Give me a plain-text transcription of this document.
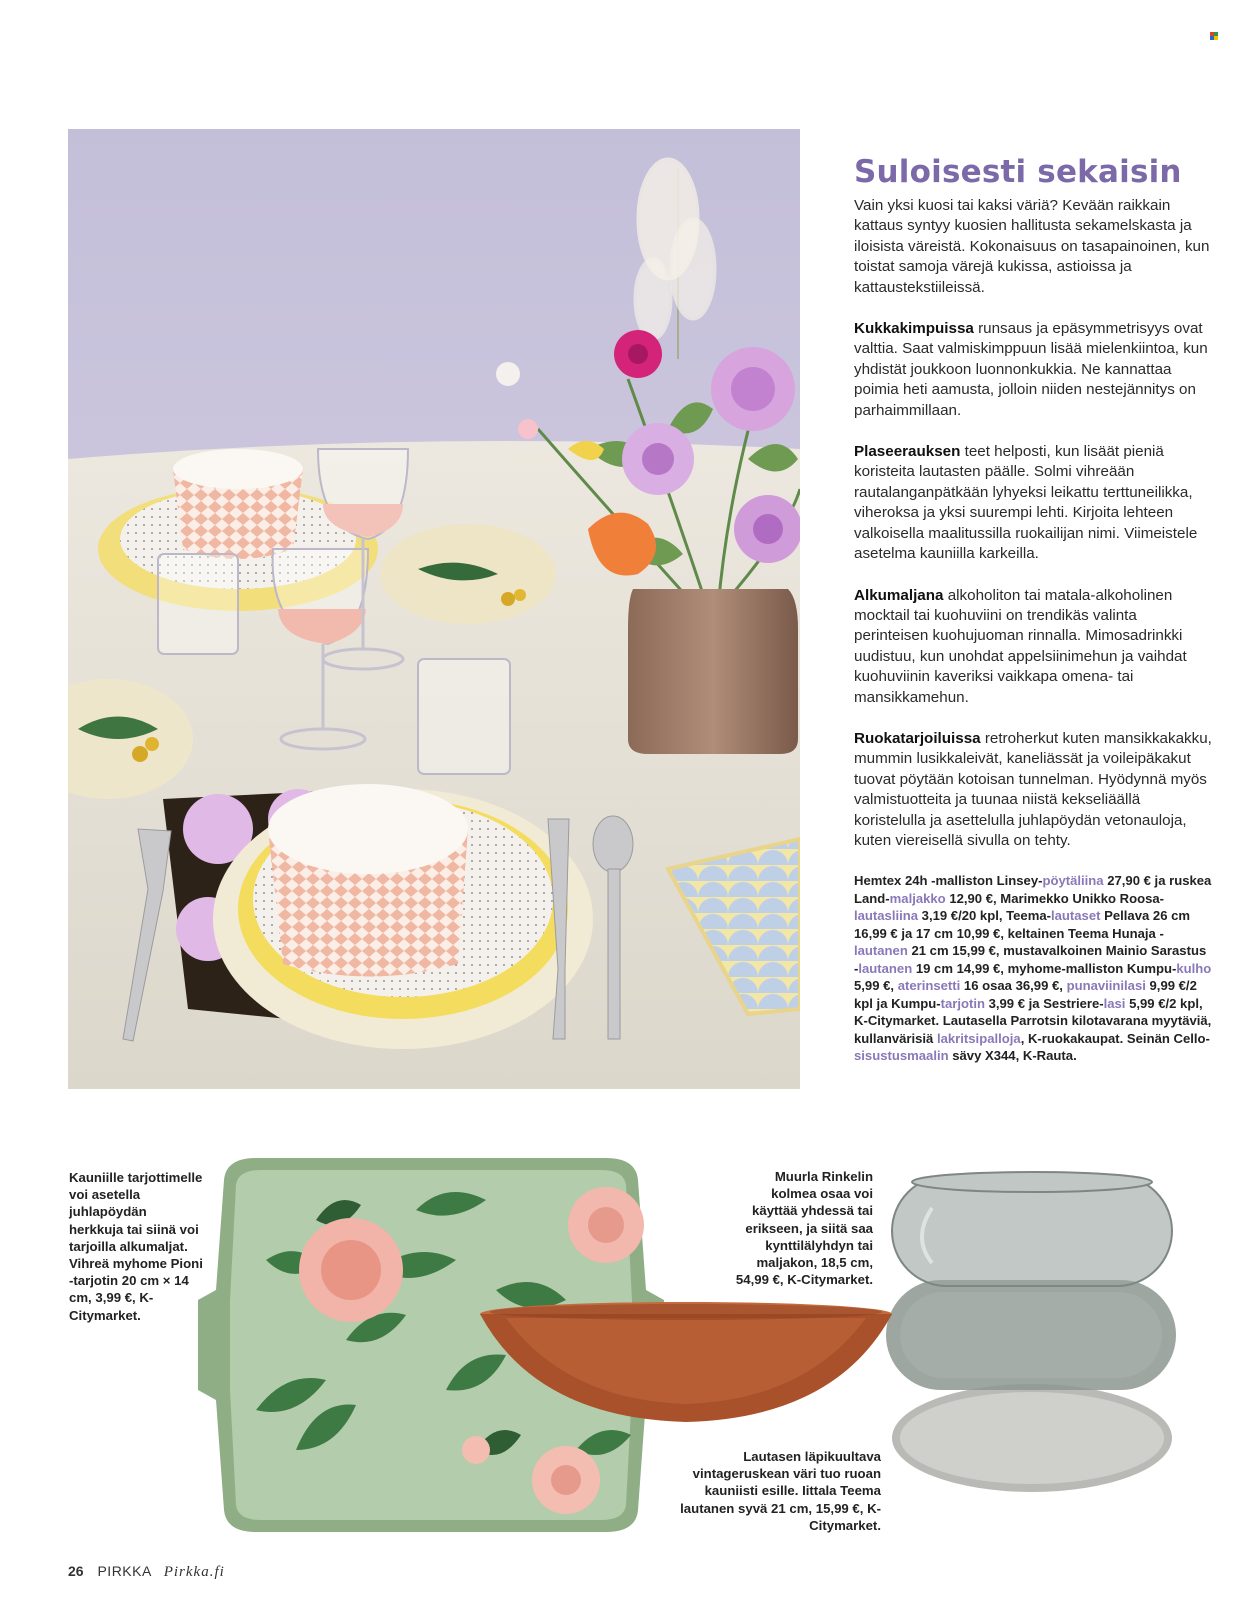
Suloisesti sekaisin

Vain yksi kuosi tai kaksi väriä? Kevään raikkain kattaus syntyy kuosien hallitusta sekamelskasta ja iloisista väreistä. Kokonaisuus on tasapainoinen, kun toistat samoja värejä kukissa, astioissa ja kattaustekstiileissä.

Kukkakimpuissa runsaus ja epäsymmetrisyys ovat valttia. Saat valmiskimppuun lisää mielenkiintoa, kun yhdistät joukkoon luonnonkukkia. Ne kannattaa poimia heti aamusta, jolloin niiden nestejännitys on parhaimmillaan.

Plaseerauksen teet helposti, kun lisäät pieniä koristeita lautasten päälle. Solmi vihreään rautalanganpätkään lyhyeksi leikattu terttuneilikka, viheroksa ja yksi suurempi lehti. Kirjoita lehteen valkoisella maalitussilla ruokailijan nimi. Viimeistele asetelma kauniilla karkeilla.

Alkumaljana alkoholiton tai matala-alkoholinen mocktail tai kuohuviini on trendikäs valinta perinteisen kuohujuoman rinnalla. Mimosadrinkki uudistuu, kun unohdat appelsiinimehun ja vaihdat kuohuviinin kaveriksi vaikkapa omena- tai mansikkamehun.

Ruokatarjoiluissa retroherkut kuten mansikkakakku, mummin lusikkaleivät, kaneliässät ja voileipäkakut tuovat pöytään kotoisan tunnelman. Hyödynnä myös valmistuotteita ja tuunaa niistä kekseliäällä koristelulla ja asettelulla juhlapöydän vetonauloja, kuten viereisellä sivulla on tehty.

Hemtex 24h -malliston Linsey-pöytäliina 27,90 € ja ruskea Land-maljakko 12,90 €, Marimekko Unikko Roosa-lautasliina 3,19 €/20 kpl, Teema-lautaset Pellava 26 cm 16,99 € ja 17 cm 10,99 €, keltainen Teema Hunaja -lautanen 21 cm 15,99 €, mustavalkoinen Mainio Sarastus -lautanen 19 cm 14,99 €, myhome-malliston Kumpu-kulho 5,99 €, aterinsetti 16 osaa 36,99 €, punaviinilasi 9,99 €/2 kpl ja Kumpu-tarjotin 3,99 € ja Sestriere-lasi 5,99 €/2 kpl, K-Citymarket. Lautasella Parrotsin kilotavarana myytäviä, kullanvärisiä lakritsipalloja, K-ruokakaupat. Seinän Cello-sisustusmaalin sävy X344, K-Rauta.

Kauniille tarjottimelle voi asetella juhlapöydän herkkuja tai siinä voi tarjoilla alkumaljat. Vihreä myhome Pioni -tarjotin 20 cm × 14 cm, 3,99 €, K-Citymarket.
Muurla Rinkelin kolmea osaa voi käyttää yhdessä tai erikseen, ja siitä saa kynttilälyhdyn tai maljakon, 18,5 cm, 54,99 €, K-Citymarket.
Lautasen läpikuultava vintageruskean väri tuo ruoan kauniisti esille. Iittala Teema lautanen syvä 21 cm, 15,99 €, K-Citymarket.
26 PIRKKA Pirkka.fi
